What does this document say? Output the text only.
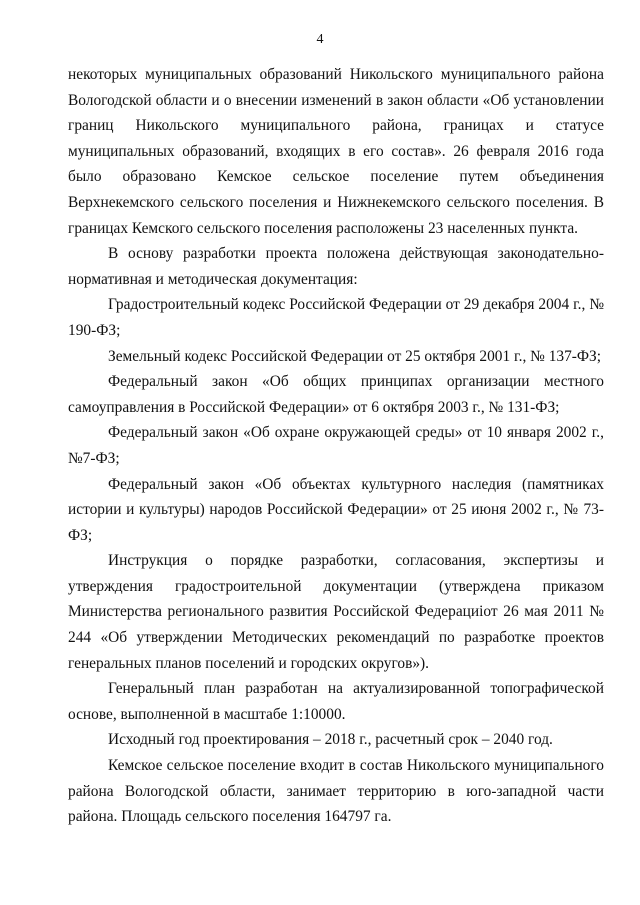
4

некоторых муниципальных образований Никольского муниципального района Вологодской области и о внесении изменений в закон области «Об установлении границ Никольского муниципального района, границах и статусе муниципальных образований, входящих в его состав». 26 февраля 2016 года было образовано Кемское сельское поселение путем объединения Верхнекемского сельского поселения и Нижнекемского сельского поселения. В границах Кемского сельского поселения расположены 23 населенных пункта.

В основу разработки проекта положена действующая законодательно-нормативная и методическая документация:

Градостроительный кодекс Российской Федерации от 29 декабря 2004 г., № 190-ФЗ;

Земельный кодекс Российской Федерации от 25 октября 2001 г., № 137-ФЗ;

Федеральный закон «Об общих принципах организации местного самоуправления в Российской Федерации» от 6 октября 2003 г., № 131-ФЗ;

Федеральный закон «Об охране окружающей среды» от 10 января 2002 г., №7-ФЗ;

Федеральный закон «Об объектах культурного наследия (памятниках истории и культуры) народов Российской Федерации» от 25 июня 2002 г., № 73-ФЗ;

Инструкция о порядке разработки, согласования, экспертизы и утверждения градостроительной документации (утверждена приказом Министерства регионального развития Российской Федерациiот 26 мая 2011 № 244 «Об утверждении Методических рекомендаций по разработке проектов генеральных планов поселений и городских округов»).

Генеральный план разработан на актуализированной топографической основе, выполненной в масштабе 1:10000.

Исходный год проектирования – 2018 г., расчетный срок – 2040 год.

Кемское сельское поселение входит в состав Никольского муниципального района Вологодской области, занимает территорию в юго-западной части района. Площадь сельского поселения 164797 га.
